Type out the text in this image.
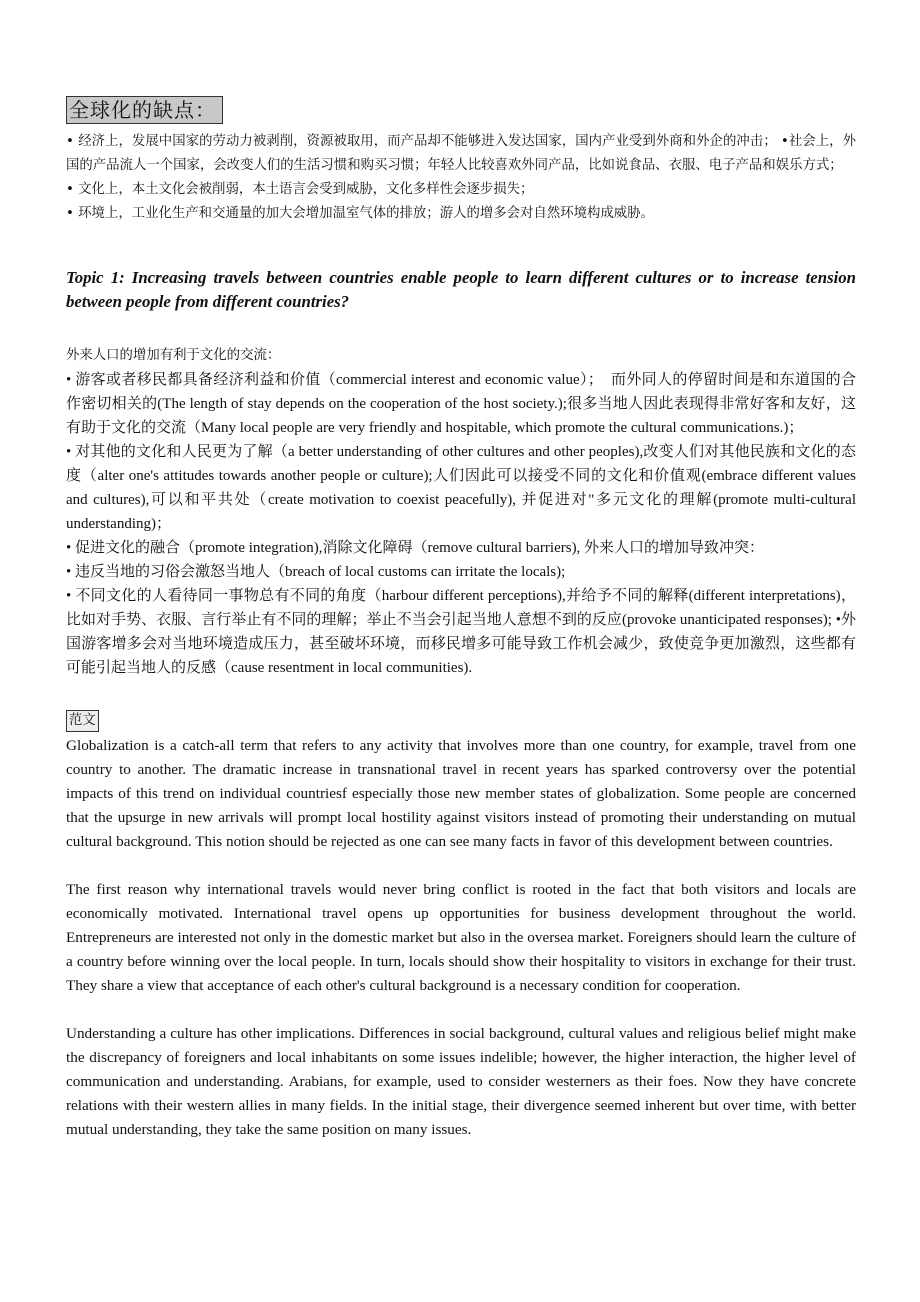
全球化的缺点：

• 经济上，发展中国家的劳动力被剥削，资源被取用，而产品却不能够进入发达国家，国内产业受到外商和外企的冲击； •社会上，外国的产品流人一个国家，会改变人们的生活习惯和购买习惯；年轻人比较喜欢外同产品，比如说食品、衣服、电子产品和娱乐方式；

• 文化上，本土文化会被削弱，本土语言会受到威胁，文化多样性会逐步损失；

• 环境上，工业化生产和交通量的加大会增加温室气体的排放；游人的增多会对自然环境构成威胁。

Topic 1: Increasing travels between countries enable people to learn different cultures or to increase tension between people from different countries?

外来人口的增加有利于文化的交流：

• 游客或者移民都具备经济利益和价值（commercial interest and economic value）；　而外同人的停留时间是和东道国的合作密切相关的(The length of stay depends on the cooperation of the host society.);很多当地人因此表现得非常好客和友好，这有助于文化的交流（Many local people are very friendly and hospitable, which promote the cultural communications.)；

• 对其他的文化和人民更为了解（a better understanding of other cultures and other peoples),改变人们对其他民族和文化的态度（alter one's attitudes towards another people or culture);人们因此可以接受不同的文化和价值观(embrace different values and cultures),可以和平共处（create motivation to coexist peacefully), 并促进对"多元文化的理解(promote multi-cultural understanding)；

• 促进文化的融合（promote integration),消除文化障碍（remove cultural barriers), 外来人口的增加导致冲突：

• 违反当地的习俗会激怒当地人（breach of local customs can irritate the locals);

• 不同文化的人看待同一事物总有不同的角度（harbour different perceptions),并给予不同的解释(different interpretations)，比如对手势、衣服、言行举止有不同的理解；举止不当会引起当地人意想不到的反应(provoke unanticipated responses); •外国游客增多会对当地环境造成压力，甚至破坏环境，而移民增多可能导致工作机会减少，致使竞争更加激烈，这些都有可能引起当地人的反感（cause resentment in local communities).

范文

Globalization is a catch-all term that refers to any activity that involves more than one country, for example, travel from one country to another. The dramatic increase in transnational travel in recent years has sparked controversy over the potential impacts of this trend on individual countriesf especially those new member states of globalization. Some people are concerned that the upsurge in new arrivals will prompt local hostility against visitors instead of promoting their understanding on mutual cultural background. This notion should be rejected as one can see many facts in favor of this development between countries.

The first reason why international travels would never bring conflict is rooted in the fact that both visitors and locals are economically motivated. International travel opens up opportunities for business development throughout the world. Entrepreneurs are interested not only in the domestic market but also in the oversea market. Foreigners should learn the culture of a country before winning over the local people. In turn, locals should show their hospitality to visitors in exchange for their trust. They share a view that acceptance of each other's cultural background is a necessary condition for cooperation.

Understanding a culture has other implications. Differences in social background, cultural values and religious belief might make the discrepancy of foreigners and local inhabitants on some issues indelible; however, the higher interaction, the higher level of communication and understanding. Arabians, for example, used to consider westerners as their foes. Now they have concrete relations with their western allies in many fields. In the initial stage, their divergence seemed inherent but over time, with better mutual understanding, they take the same position on many issues.
